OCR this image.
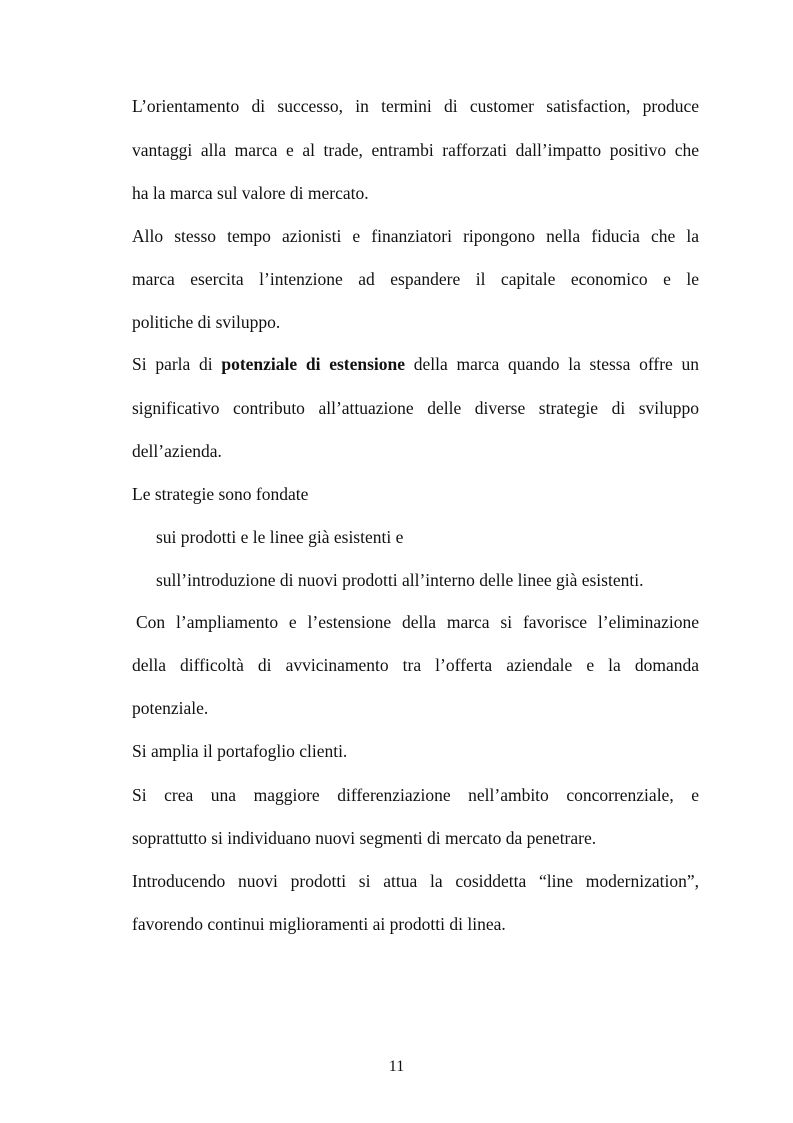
L’orientamento di successo, in termini di customer satisfaction, produce

vantaggi alla marca e al trade, entrambi rafforzati dall’impatto positivo che

ha la marca sul valore di mercato.

Allo stesso tempo azionisti e finanziatori ripongono nella fiducia che la

marca esercita l’intenzione ad espandere il capitale economico e le

politiche di sviluppo.

Si parla di potenziale di estensione della marca quando la stessa offre un

significativo contributo all’attuazione delle diverse strategie di sviluppo

dell’azienda.

Le strategie sono fondate

sui prodotti e le linee già esistenti e

sull’introduzione di nuovi prodotti all’interno delle linee già esistenti.

Con l’ampliamento e l’estensione della marca si favorisce l’eliminazione

della difficoltà di avvicinamento tra l’offerta aziendale e la domanda

potenziale.

Si amplia il portafoglio clienti.

Si crea una maggiore differenziazione nell’ambito concorrenziale, e

soprattutto si individuano nuovi segmenti di mercato da penetrare.

Introducendo nuovi prodotti si attua la cosiddetta “line modernization”,

favorendo continui miglioramenti ai prodotti di linea.

11
